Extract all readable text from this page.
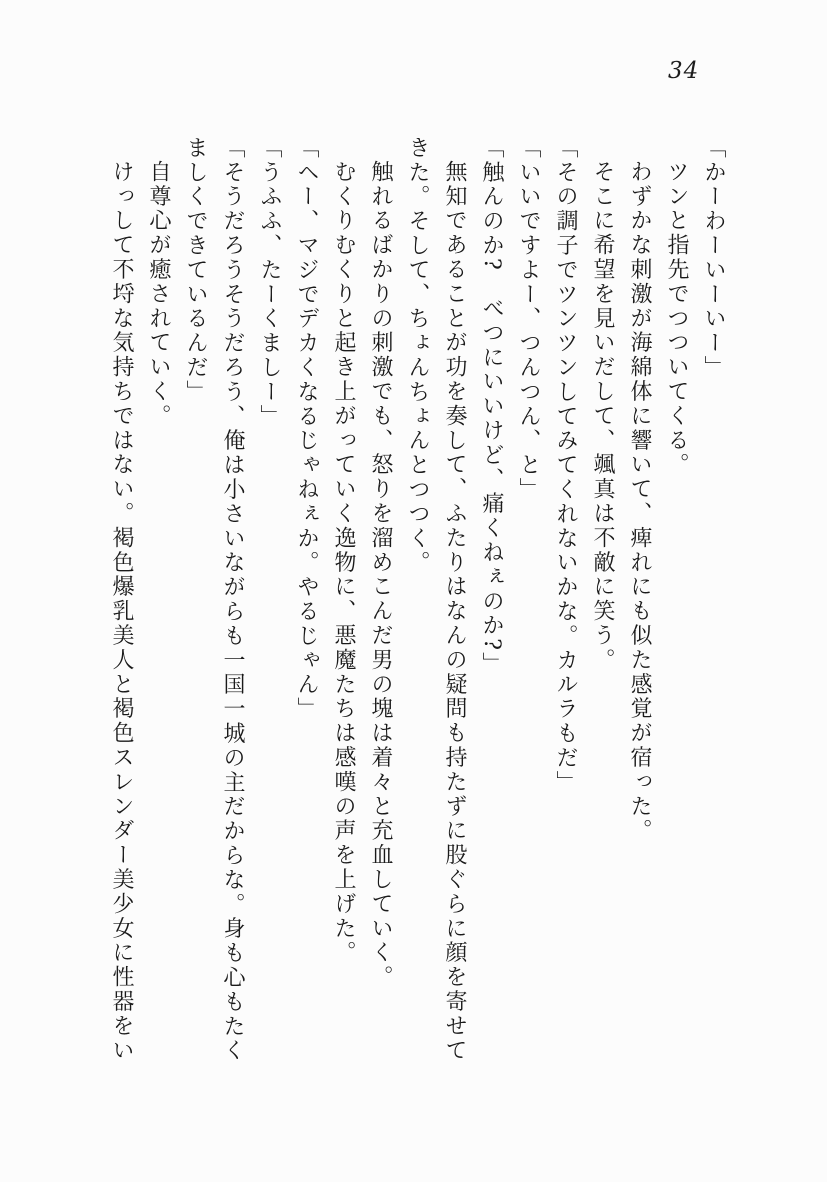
34
「かーわーいーいー」
ツンと指先でつついてくる。
わずかな刺激が海綿体に響いて、痺れにも似た感覚が宿った。
そこに希望を見いだして、颯真は不敵に笑う。
「その調子でツンツンしてみてくれないかな。カルラもだ」
「いいですよー、つんつん、と」
「触んのか?　べつにいいけど、痛くねぇのか?」
無知であることが功を奏して、ふたりはなんの疑問も持たずに股ぐらに顔を寄せて
きた。そして、ちょんちょんとつつく。
触れるばかりの刺激でも、怒りを溜めこんだ男の塊は着々と充血していく。
むくりむくりと起き上がっていく逸物に、悪魔たちは感嘆の声を上げた。
「ヘー、マジでデカくなるじゃねぇか。やるじゃん」
「うふふ、たーくましー」
「そうだろうそうだろう、俺は小さいながらも一国一城の主だからな。身も心もたく
ましくできているんだ」
自尊心が癒されていく。
けっして不埒な気持ちではない。褐色爆乳美人と褐色スレンダー美少女に性器をい
